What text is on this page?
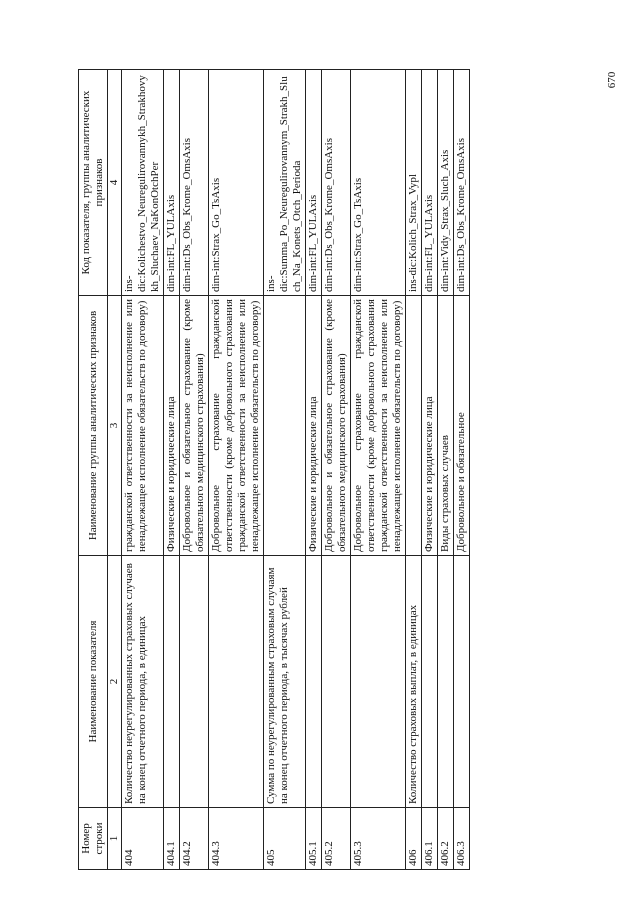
670
Номер строки	Наименование показателя	Наименование группы аналитических признаков	Код показателя, группы аналитических признаков
1	2	3	4
404	Количество неурегулированных страховых случаев на конец отчетного периода, в единицах	гражданской ответственности за неисполнение или ненадлежащее исполнение обязательств по договору)	ins-dic:Kolichestvo_Neuregulirovannykh_Strakhovykh_Sluchaev_NaKonOtchPer
404.1		Физические и юридические лица	dim-int:FL_YULAxis
404.2		Добровольное и обязательное страхование (кроме обязательного медицинского страхования)	dim-int:Ds_Obs_Krome_OmsAxis
404.3		Добровольное страхование гражданской ответственности (кроме добровольного страхования гражданской ответственности за неисполнение или ненадлежащее исполнение обязательств по договору)	dim-int:Strax_Go_TsAxis
405	Сумма по неурегулированным страховым случаям на конец отчетного периода, в тысячах рублей		ins-dic:Summa_Po_Neuregulirovannym_Strakh_Sluch_Na_Konets_Otch_Perioda
405.1		Физические и юридические лица	dim-int:FL_YULAxis
405.2		Добровольное и обязательное страхование (кроме обязательного медицинского страхования)	dim-int:Ds_Obs_Krome_OmsAxis
405.3		Добровольное страхование гражданской ответственности (кроме добровольного страхования гражданской ответственности за неисполнение или ненадлежащее исполнение обязательств по договору)	dim-int:Strax_Go_TsAxis
406	Количество страховых выплат, в единицах		ins-dic:Kolich_Strax_Vypl
406.1		Физические и юридические лица	dim-int:FL_YULAxis
406.2		Виды страховых случаев	dim-int:Vidy_Strax_Sluch_Axis
406.3		Добровольное и обязательное	dim-int:Ds_Obs_Krome_OmsAxis
